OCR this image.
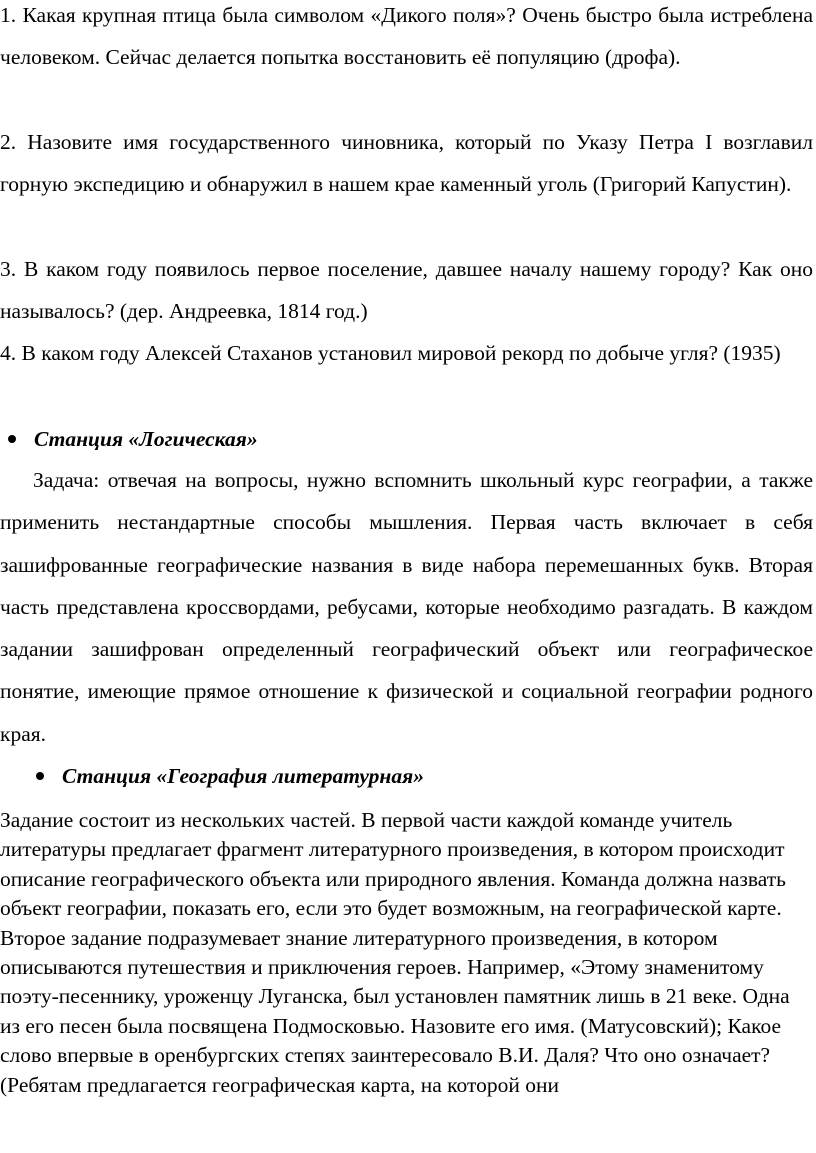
1. Какая крупная птица была символом «Дикого поля»? Очень быстро была истреблена человеком. Сейчас делается попытка восстановить её популяцию (дрофа).

2. Назовите имя государственного чиновника, который по Указу Петра I возглавил горную экспедицию и обнаружил в нашем крае каменный уголь (Григорий Капустин).

3. В каком году появилось первое поселение, давшее началу нашему городу? Как оно называлось? (дер. Андреевка, 1814 год.)

4. В каком году Алексей Стаханов установил мировой рекорд по добыче угля? (1935)

Станция «Логическая»

Задача: отвечая на вопросы, нужно вспомнить школьный курс географии, а также применить нестандартные способы мышления. Первая часть включает в себя зашифрованные географические названия в виде набора перемешанных букв. Вторая часть представлена кроссвордами, ребусами, которые необходимо разгадать. В каждом задании зашифрован определенный географический объект или географическое понятие, имеющие прямое отношение к физической и социальной географии родного края.

Станция «География литературная»

Задание состоит из нескольких частей. В первой части каждой команде учитель литературы предлагает фрагмент литературного произведения, в котором происходит описание географического объекта или природного явления. Команда должна назвать объект географии, показать его, если это будет возможным, на географической карте. Второе задание подразумевает знание литературного произведения, в котором описываются путешествия и приключения героев. Например, «Этому знаменитому поэту-песеннику, уроженцу Луганска, был установлен памятник лишь в 21 веке. Одна из его песен была посвящена Подмосковью. Назовите его имя. (Матусовский); Какое слово впервые в оренбургских степях заинтересовало В.И. Даля? Что оно означает? (Ребятам предлагается географическая карта, на которой они
